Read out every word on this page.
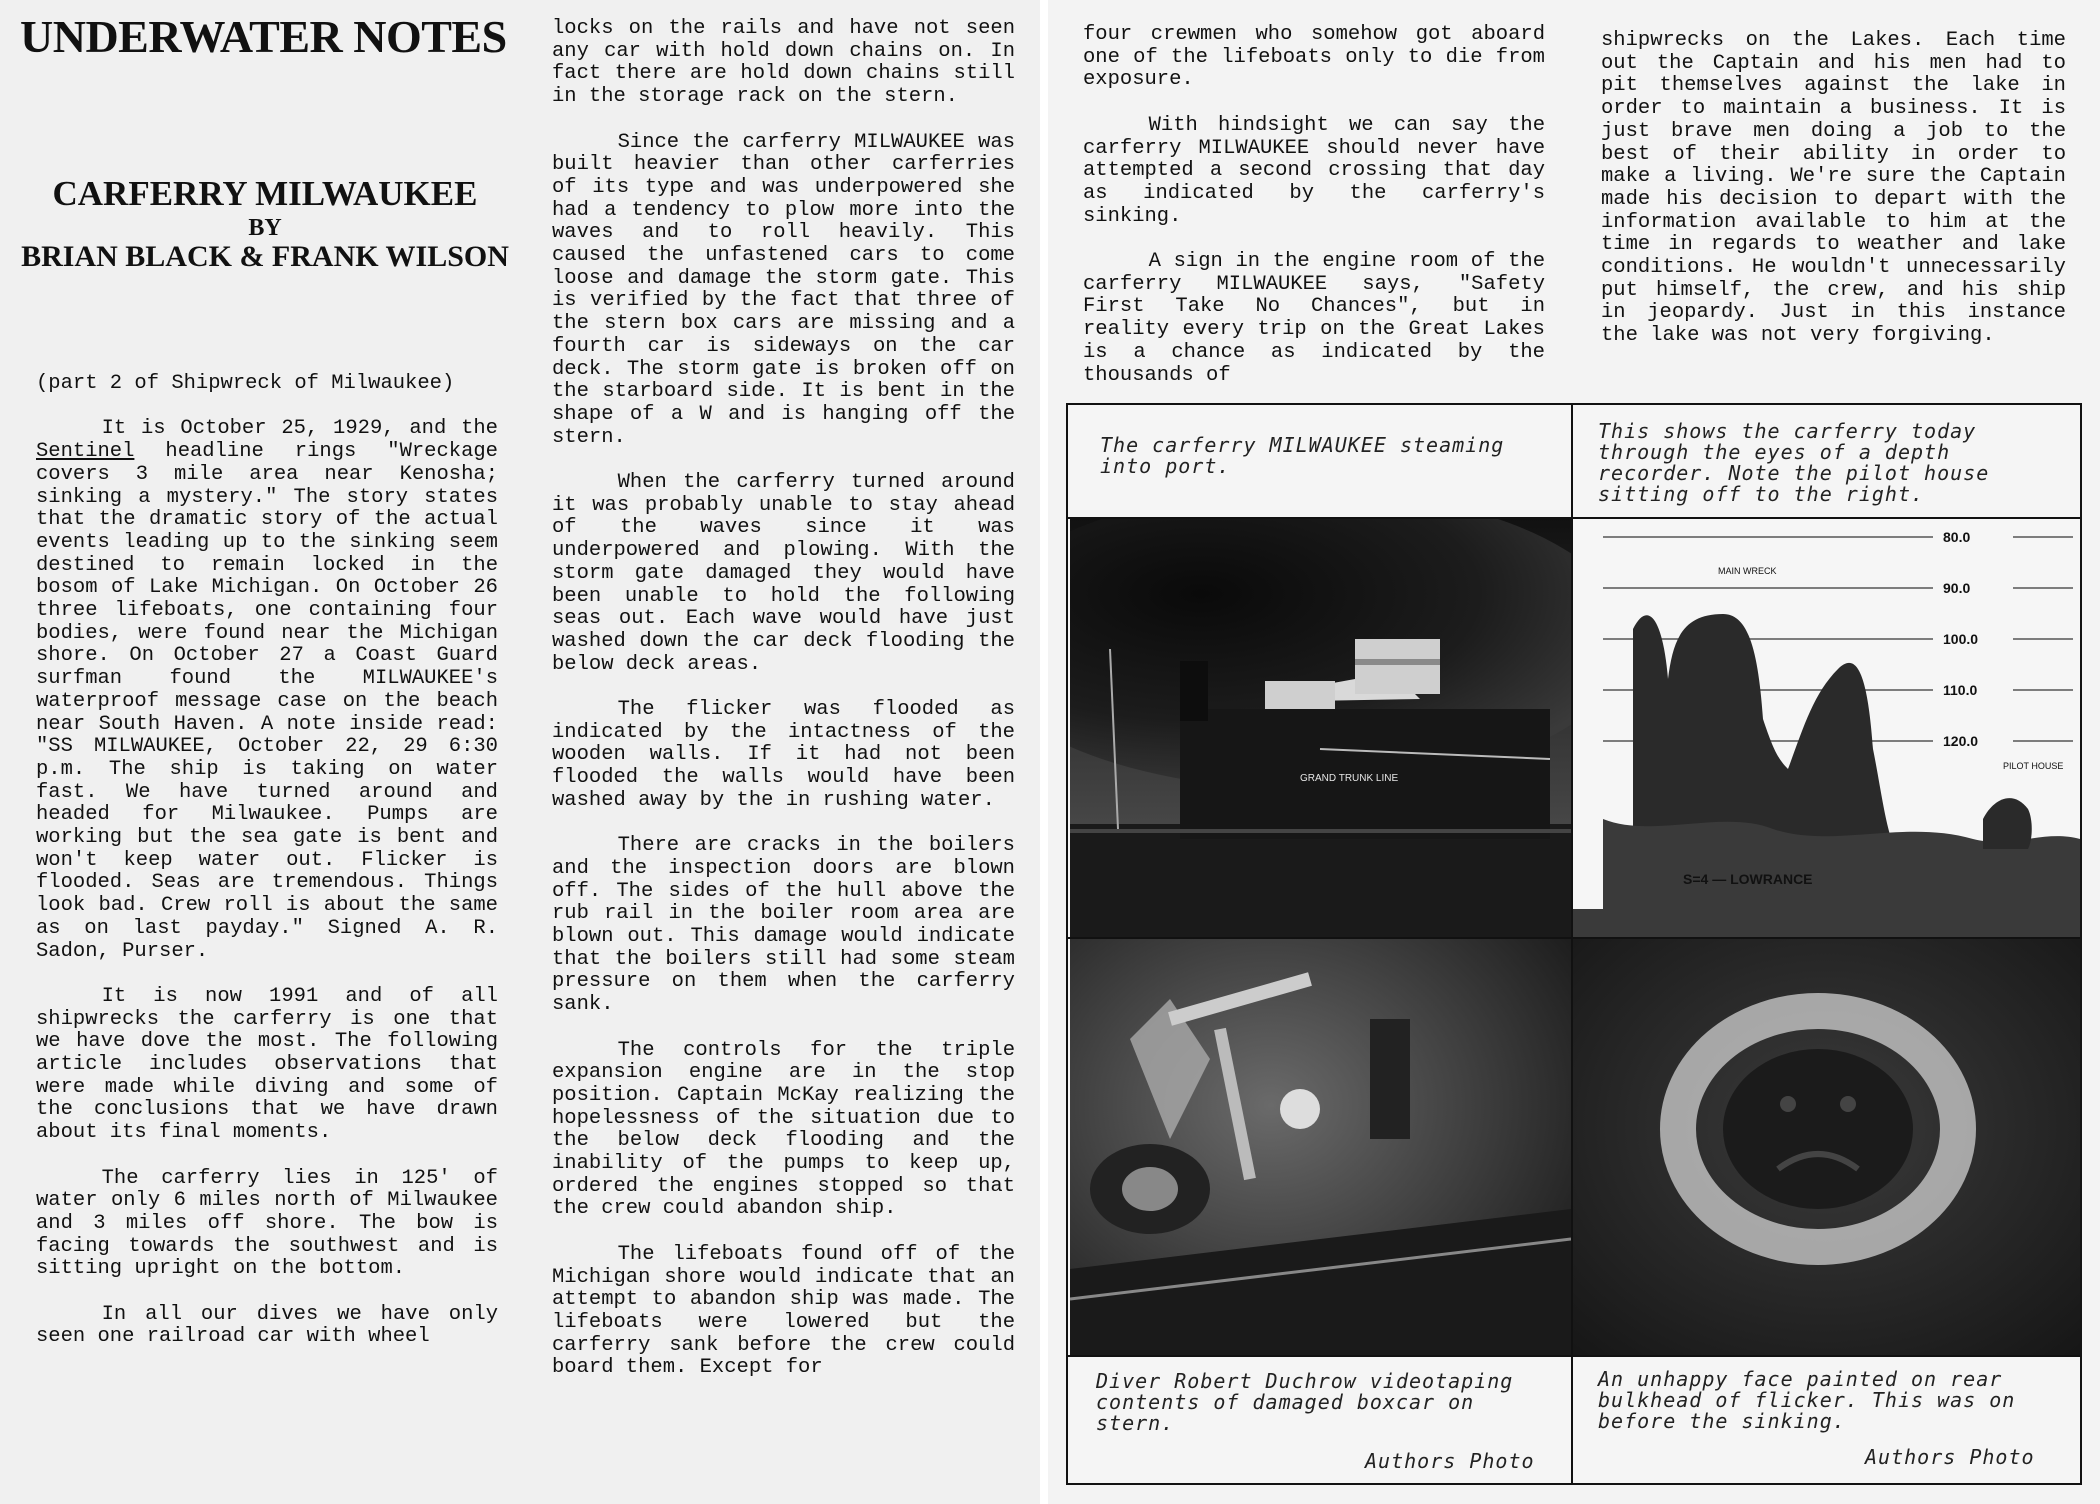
UNDERWATER NOTES
CARFERRY MILWAUKEE
BY
BRIAN BLACK & FRANK WILSON

(part 2 of Shipwreck of Milwaukee)

It is October 25, 1929, and the Sentinel headline rings "Wreckage covers 3 mile area near Kenosha; sinking a mystery." The story states that the dramatic story of the actual events leading up to the sinking seem destined to remain locked in the bosom of Lake Michigan. On October 26 three lifeboats, one containing four bodies, were found near the Michigan shore. On October 27 a Coast Guard surfman found the MILWAUKEE's waterproof message case on the beach near South Haven. A note inside read: "SS MILWAUKEE, October 22, 29 6:30 p.m. The ship is taking on water fast. We have turned around and headed for Milwaukee. Pumps are working but the sea gate is bent and won't keep water out. Flicker is flooded. Seas are tremendous. Things look bad. Crew roll is about the same as on last payday." Signed A. R. Sadon, Purser.

It is now 1991 and of all shipwrecks the carferry is one that we have dove the most. The following article includes observations that were made while diving and some of the conclusions that we have drawn about its final moments.

The carferry lies in 125' of water only 6 miles north of Milwaukee and 3 miles off shore. The bow is facing towards the southwest and is sitting upright on the bottom.

In all our dives we have only seen one railroad car with wheel

locks on the rails and have not seen any car with hold down chains on. In fact there are hold down chains still in the storage rack on the stern.

Since the carferry MILWAUKEE was built heavier than other carferries of its type and was underpowered she had a tendency to plow more into the waves and to roll heavily. This caused the unfastened cars to come loose and damage the storm gate. This is verified by the fact that three of the stern box cars are missing and a fourth car is sideways on the car deck. The storm gate is broken off on the starboard side. It is bent in the shape of a W and is hanging off the stern.

When the carferry turned around it was probably unable to stay ahead of the waves since it was underpowered and plowing. With the storm gate damaged they would have been unable to hold the following seas out. Each wave would have just washed down the car deck flooding the below deck areas.

The flicker was flooded as indicated by the intactness of the wooden walls. If it had not been flooded the walls would have been washed away by the in rushing water.

There are cracks in the boilers and the inspection doors are blown off. The sides of the hull above the rub rail in the boiler room area are blown out. This damage would indicate that the boilers still had some steam pressure on them when the carferry sank.

The controls for the triple expansion engine are in the stop position. Captain McKay realizing the hopelessness of the situation due to the below deck flooding and the inability of the pumps to keep up, ordered the engines stopped so that the crew could abandon ship.

The lifeboats found off of the Michigan shore would indicate that an attempt to abandon ship was made. The lifeboats were lowered but the carferry sank before the crew could board them. Except for

four crewmen who somehow got aboard one of the lifeboats only to die from exposure.

With hindsight we can say the carferry MILWAUKEE should never have attempted a second crossing that day as indicated by the carferry's sinking.

A sign in the engine room of the carferry MILWAUKEE says, "Safety First Take No Chances", but in reality every trip on the Great Lakes is a chance as indicated by the thousands of

shipwrecks on the Lakes. Each time out the Captain and his men had to pit themselves against the lake in order to maintain a business. It is just brave men doing a job to the best of their ability in order to make a living. We're sure the Captain made his decision to depart with the information available to him at the time in regards to weather and lake conditions. He wouldn't unnecessarily put himself, the crew, and his ship in jeopardy. Just in this instance the lake was not very forgiving.

The carferry MILWAUKEE steaming into port.
This shows the carferry today through the eyes of a depth recorder. Note the pilot house sitting off to the right.
GRAND TRUNK LINE
80.0
90.0
100.0
110.0
120.0
MAIN WRECK
PILOT HOUSE
S=4 — LOWRANCE
Diver Robert Duchrow videotaping contents of damaged boxcar on stern.
An unhappy face painted on rear bulkhead of flicker. This was on before the sinking.
Authors Photo	Authors Photo
